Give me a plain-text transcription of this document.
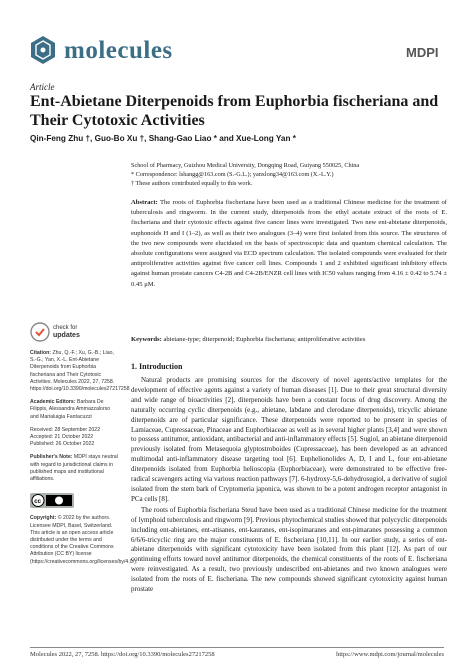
molecules	MDPI
Article
Ent-Abietane Diterpenoids from Euphorbia fischeriana and Their Cytotoxic Activities
Qin-Feng Zhu †, Guo-Bo Xu †, Shang-Gao Liao * and Xue-Long Yan *
School of Pharmacy, Guizhou Medical University, Dongqing Road, Guiyang 550025, China
* Correspondence: lshangg@163.com (S.-G.L.); yanxlong34@163.com (X.-L.Y.)
† These authors contributed equally to this work.
Abstract: The roots of Euphorbia fischeriana have been used as a traditional Chinese medicine for the treatment of tuberculosis and ringworm. In the current study, diterpenoids from the ethyl acetate extract of the roots of E. fischeriana and their cytotoxic effects against five cancer lines were investigated. Two new ent-abietane diterpenoids, euphonoids H and I (1–2), as well as their two analogues (3–4) were first isolated from this source. The structures of the two new compounds were elucidated on the basis of spectroscopic data and quantum chemical calculation. The absolute configurations were assigned via ECD spectrum calculation. The isolated compounds were evaluated for their antiproliferative activities against five cancer cell lines. Compounds 1 and 2 exhibited significant inhibitory effects against human prostate cancers C4-2B and C4-2B/ENZR cell lines with IC50 values ranging from 4.16 ± 0.42 to 5.74 ± 0.45 μM.
Keywords: abietane-type; diterpenoid; Euphorbia fischeriana; antiproliferative activities
check for
updates
Citation: Zhu, Q.-F.; Xu, G.-B.; Liao, S.-G.; Yan, X.-L. Ent-Abietane Diterpenoids from Euphorbia fischeriana and Their Cytotoxic Activities. Molecules 2022, 27, 7258. https://doi.org/10.3390/molecules27217258
Academic Editors: Barbara De Filippis, Alessandra Ammazzalorso and Marialuigia Fantacuzzi
Received: 28 September 2022
Accepted: 21 October 2022
Published: 26 October 2022
Publisher's Note: MDPI stays neutral with regard to jurisdictional claims in published maps and institutional affiliations.
cc
Copyright: © 2022 by the authors. Licensee MDPI, Basel, Switzerland. This article is an open access article distributed under the terms and conditions of the Creative Commons Attribution (CC BY) license (https://creativecommons.org/licenses/by/4.0/).
1. Introduction

Natural products are promising sources for the discovery of novel agents/active templates for the development of effective agents against a variety of human diseases [1]. Due to their great structural diversity and wide range of bioactivities [2], diterpenoids have been a constant focus of drug discovery. Among the naturally occurring cyclic diterpenoids (e.g., abietane, labdane and clerodane diterpenoids), tricyclic abietane diterpenoids are of particular significance. These diterpenoids were reported to be present in species of Lamiaceae, Cupressaceae, Pinaceae and Euphorbiaceae as well as in several higher plants [3,4] and were shown to possess antitumor, antioxidant, antibacterial and anti-inflammatory effects [5]. Sugiol, an abietane diterpenoid previously isolated from Metasequoia glyptostroboides (Cupressaceae), has been developed as an advanced multimodal anti-inflammatory disease targeting tool [6]. Euphelionolides A, D, I and L, four ent-abietane diterpenoids isolated from Euphorbia helioscopia (Euphorbiaceae), were demonstrated to be effective free-radical scavengers acting via various reaction pathways [7]. 6-hydroxy-5,6-dehydrosugiol, a derivative of sugiol isolated from the stem bark of Cryptomeria japonica, was shown to be a potent androgen receptor antagonist in PCa cells [8].

The roots of Euphorbia fischeriana Steud have been used as a traditional Chinese medicine for the treatment of lymphoid tuberculosis and ringworm [9]. Previous phytochemical studies showed that polycyclic diterpenoids including ent-abietanes, ent-atisanes, ent-kauranes, ent-isopimaranes and ent-pimaranes possessing a common 6/6/6-tricyclic ring are the major constituents of E. fischeriana [10,11]. In our earlier study, a series of ent-abietane diterpenoids with significant cytotoxicity have been isolated from this plant [12]. As part of our continuing efforts toward novel antitumor diterpenoids, the chemical constituents of the roots of E. fischeriana were reinvestigated. As a result, two previously undescribed ent-abietanes and two known analogues were isolated from the roots of E. fischeriana. The new compounds showed significant cytotoxicity against human prostate

Molecules 2022, 27, 7258. https://doi.org/10.3390/molecules27217258	https://www.mdpi.com/journal/molecules
